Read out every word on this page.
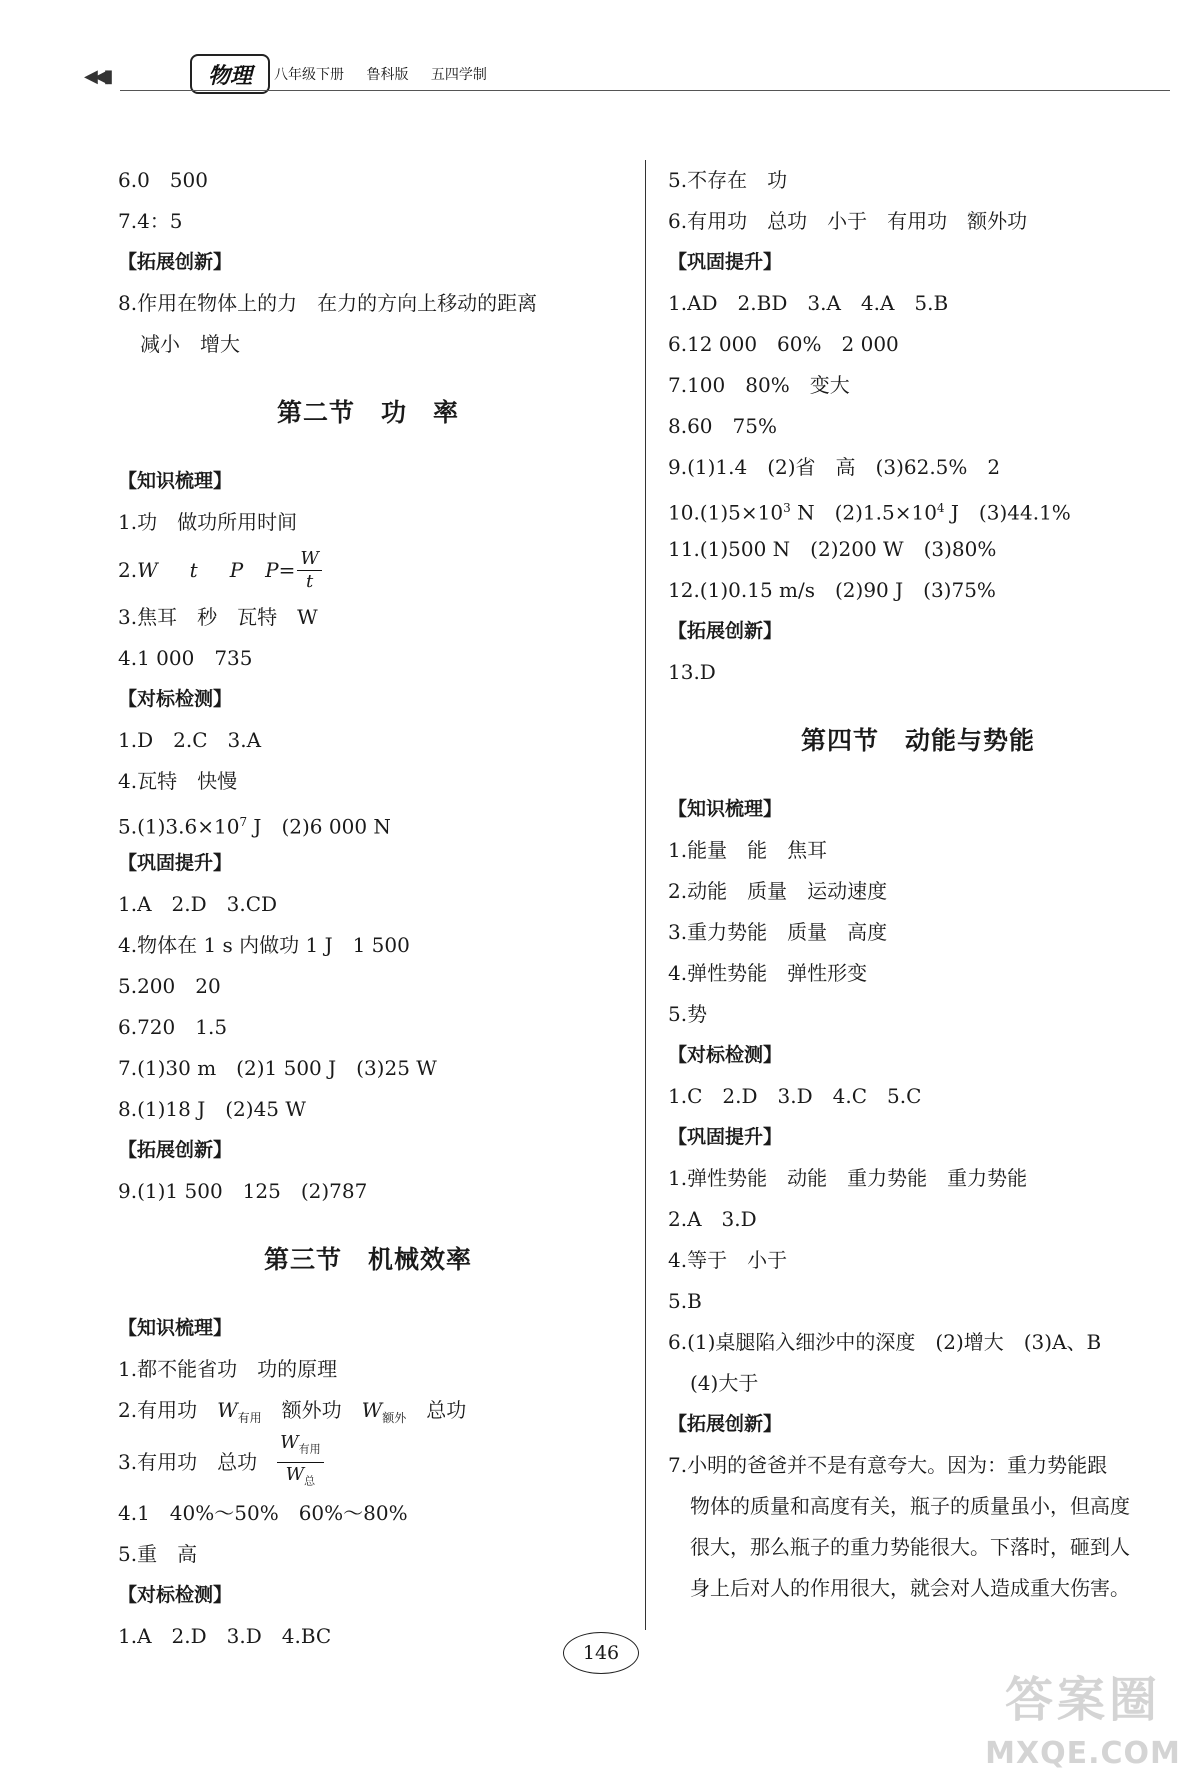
◀◀▮	物理	八年级下册 鲁科版 五四学制
6.0　500
7.4：5
【拓展创新】
8.作用在物体上的力　在力的方向上移动的距离
减小　增大
第二节　功　率
【知识梳理】
1.功　做功所用时间
2. W t P $P = \frac{W}{t}$
3.焦耳　秒　瓦特　W
4.1 000　735
【对标检测】
1.D　2.C　3.A
4.瓦特　快慢
$5.(1)3.6\times 10^7$ J　(2)6 000 N
【巩固提升】
1.A　2.D　3.CD
4.物体在 1 s 内做功 1 J　1 500
5.200　20
6.720　1.5
7.(1)30 m　(2)1 500 J　(3)25 W
8.(1)18 J　(2)45 W
【拓展创新】
9.(1)1 500　125　(2)787
第三节　机械效率
【知识梳理】
1.都不能省功　功的原理
2.有用功　$W_{有用}$　额外功　$W_{额外}$　总功
3.有用功　总功　
$W_{有用}$
$W_总$
4.1　40%～50%　60%～80%
5.重　高
【对标检测】
1.A　2.D　3.D　4.BC
5.不存在　功
6.有用功　总功　小于　有用功　额外功
【巩固提升】
1.AD　2.BD　3.A　4.A　5.B
6.12 000　60%　2 000
7.100　80%　变大
8.60　75%
9.(1)1.4　(2)省　高　(3)62.5%　2
$10.(1)5\times 10^3$ N　$(2)1.5\times 10^4$ J　(3)44.1%
11.(1)500 N　(2)200 W　(3)80%
12.(1)0.15 m/s　(2)90 J　(3)75%
【拓展创新】
13.D
第四节　动能与势能
【知识梳理】
1.能量　能　焦耳
2.动能　质量　运动速度
3.重力势能　质量　高度
4.弹性势能　弹性形变
5.势
【对标检测】
1.C　2.D　3.D　4.C　5.C
【巩固提升】
1.弹性势能　动能　重力势能　重力势能
2.A　3.D
4.等于　小于
5.B
6.(1)桌腿陷入细沙中的深度　(2)增大　(3)A、B
(4)大于
【拓展创新】
7.小明的爸爸并不是有意夸大。因为：重力势能跟
物体的质量和高度有关，瓶子的质量虽小，但高度
很大，那么瓶子的重力势能很大。下落时，砸到人
身上后对人的作用很大，就会对人造成重大伤害。
146
答案圈
MXQE.COM
